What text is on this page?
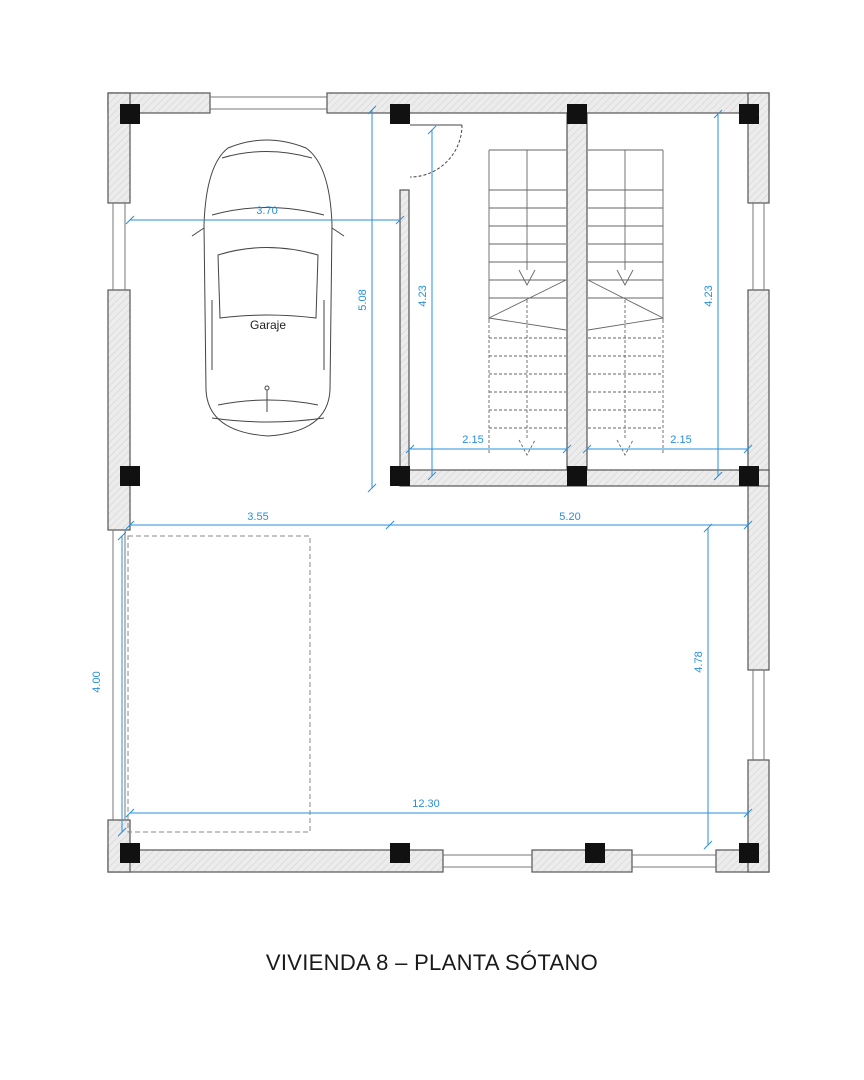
3.70
5.08	4.23	4.23
2.15	2.15
3.55	5.20
4.00
4.78
12.30
Garaje
VIVIENDA 8 – PLANTA SÓTANO
